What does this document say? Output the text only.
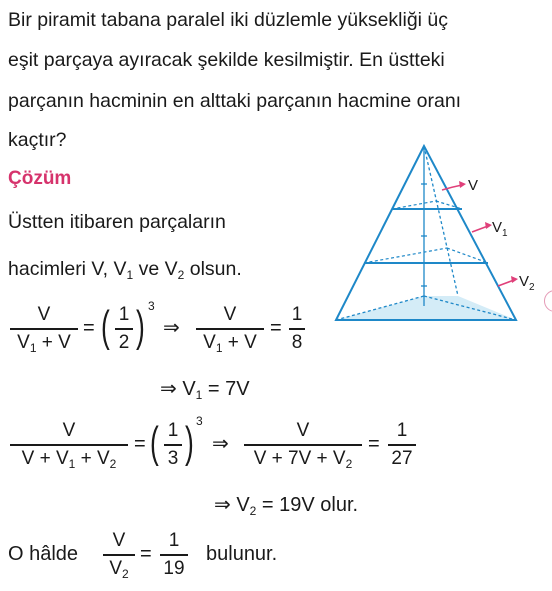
Bir piramit tabana paralel iki düzlemle yüksekliği üç
eşit parçaya ayıracak şekilde kesilmiştir. En üstteki
parçanın hacminin en alttaki parçanın hacmine oranı
kaçtır?
Çözüm
Üstten itibaren parçaların
hacimleri V, $V_1$ ve $V_2$ olsun.
V
$V_1$
$V_2$
V
$V_1 + V$
= ( 1
2 ) 3
⇒
V
$V_1 + V$
=
1
8
⇒ $V_1 = 7V$
V
$V + V_1 + V_2$
= ( 1
3 ) 3
⇒
V
$V + 7V + V_2$
=
1
27
⇒ $V_2 = 19V$ olur.
O hâlde
V
$V_2$
=
1
19
bulunur.
